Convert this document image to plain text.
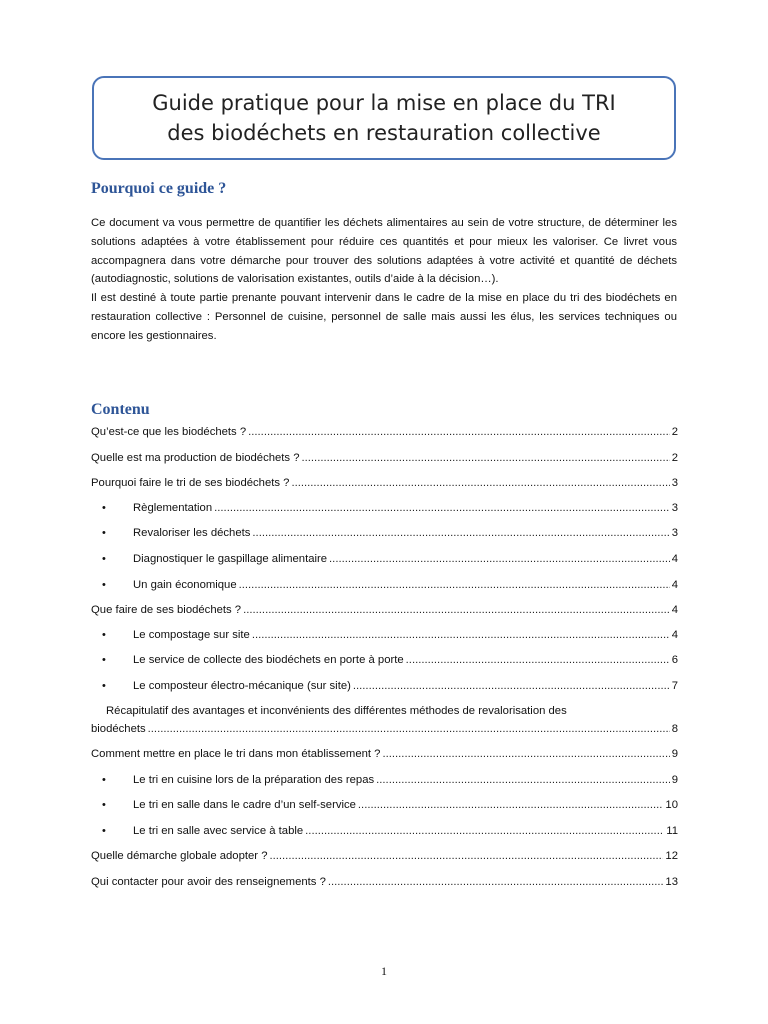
Guide pratique pour la mise en place du TRI
des biodéchets en restauration collective
Pourquoi ce guide ?

Ce document va vous permettre de quantifier les déchets alimentaires au sein de votre structure, de déterminer les solutions adaptées à votre établissement pour réduire ces quantités et pour mieux les valoriser. Ce livret vous accompagnera dans votre démarche pour trouver des solutions adaptées à votre activité et quantité de déchets (autodiagnostic, solutions de valorisation existantes, outils d’aide à la décision…).

Il est destiné à toute partie prenante pouvant intervenir dans le cadre de la mise en place du tri des biodéchets en restauration collective : Personnel de cuisine, personnel de salle mais aussi les élus, les services techniques ou encore les gestionnaires.

Contenu
Qu’est-ce que les biodéchets ? .....	2
Quelle est ma production de biodéchets ? .....	2
Pourquoi faire le tri de ses biodéchets ? .....	3
•	Règlementation .....	3
•	Revaloriser les déchets .....	3
•	Diagnostiquer le gaspillage alimentaire .....	4
•	Un gain économique .....	4
Que faire de ses biodéchets ? .....	4
•	Le compostage sur site .....	4
•	Le service de collecte des biodéchets en porte à porte .....	6
•	Le composteur électro-mécanique (sur site) .....	7
Récapitulatif des avantages et inconvénients des différentes méthodes de revalorisation des
biodéchets .....	8
Comment mettre en place le tri dans mon établissement ? .....	9
•	Le tri en cuisine lors de la préparation des repas .....	9
•	Le tri en salle dans le cadre d’un self-service .....	10
•	Le tri en salle avec service à table .....	11
Quelle démarche globale adopter ? .....	12
Qui contacter pour avoir des renseignements ? .....	13
1
